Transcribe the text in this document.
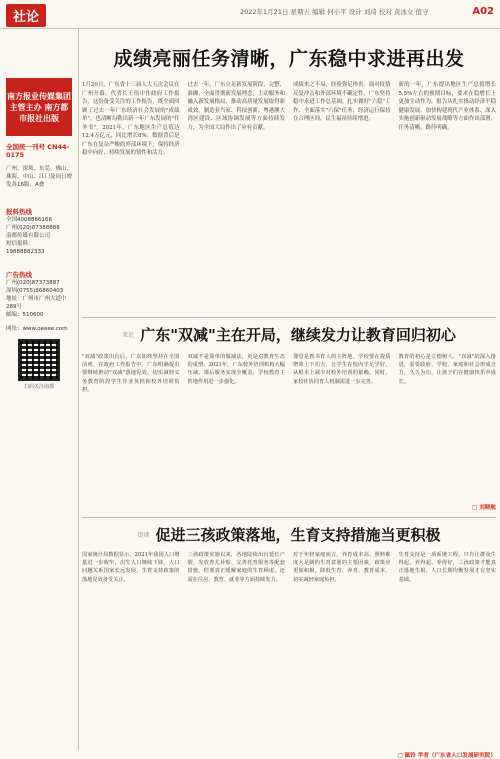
社论	2022年1月21日 星期五 编辑 何小平 设计 刘琦 校对 黄冰女 值守	A02
南方报业传媒集团主管主办 南方都市报社出版
全国统一刊号 CN44-0175
广州、深圳、东莞、佛山、珠海、中山、江门及同日增发各16版、A叠
报料热线
全国4008866166
广州(020)87388888
南都传媒有限公司
短信报料：
19888882333
广告热线
广州(020)87373887
深圳(0755)36860403
地址：广州市广州大道中289号
邮编：510600
网址：www.oeeee.com
扫码关注南都
成绩亮丽任务清晰，广东稳中求进再出发
1月20日，广东省十三届人大五次会议在广州开幕。代省长王伟中作政府工作报告，这份备受关注的工作报告，既全面回顾了过去一年广东经济社会发展的"成绩单"，也清晰勾勒出新一年广东发展的"任务书"。2021年，广东地区生产总值达12.4万亿元，同比增长8%。数据背后是广东在复杂严峻的外部环境下，保持经济稳中向好、持续发展的韧性和活力。
过去一年，广东立足新发展阶段，完整、准确、全面贯彻新发展理念，主动服务和融入新发展格局，推动高质量发展取得新成效。制造业当家、科技创新、粤港澳大湾区建设、区域协调发展等方面持续发力，为全国大局作出了应有贡献。
成绩来之不易，经验弥足珍贵。面对疫情反复冲击和外部环境不确定性，广东坚持稳中求进工作总基调，扎实做好"六稳"工作、全面落实"六保"任务，经济运行保持在合理区间，民生福祉持续增进。
新的一年，广东提出地区生产总值增长5.5%左右的预期目标，要求在稳增长上更加主动作为。报告从扎实推动经济平稳健康发展、加快构建现代产业体系、深入实施创新驱动发展战略等方面作出部署，任务清晰，路径明确。
来论 广东"双减"主在开局，继续发力让教育回归初心
"双减"政策出台后，广东始终坚持在全国前列。在政府工作报告中，广东明确提出要继续推动"双减"落地见效，切实减轻义务教育阶段学生作业负担和校外培训负担。
双减不是简单的做减法，更是对教育生态的重塑。2021年，广东校外培训机构大幅压减，课后服务实现全覆盖，学校教育主阵地作用进一步强化。
课堂是教书育人的主阵地。学校要在提质增效上下功夫，让学生在校内学足学好，从根本上减少对校外培训的依赖。同时，家校社协同育人机制需进一步完善。
教育的初心是立德树人。"双减"的深入推进，需要政府、学校、家庭和社会形成合力，久久为功，让孩子们在健康快乐中成长。
□ 刘晓航
街谈 促进三孩政策落地，生育支持措施当更积极
国家统计局数据显示，2021年我国人口增量进一步收窄，出生人口继续下降。人口问题关系国家长远发展，生育支持政策的落地见效备受关注。
三孩政策实施以来，各地陆续出台延长产假、发放育儿补贴、完善托育服务等配套措施。但要真正缓解家庭的生育顾虑，还需在住房、教育、就业等方面持续发力。
对于年轻家庭而言，养育成本高、照料难度大是制约生育意愿的主要因素。政策应更加积极，降低生育、养育、教育成本，切实减轻家庭负担。
生育支持是一项系统工程。只有让群众生得起、养得起、养得好，三孩政策才能真正落地生根，人口长期均衡发展才有坚实基础。
□ 佩铃 学者（广东省人口发展研究院）
